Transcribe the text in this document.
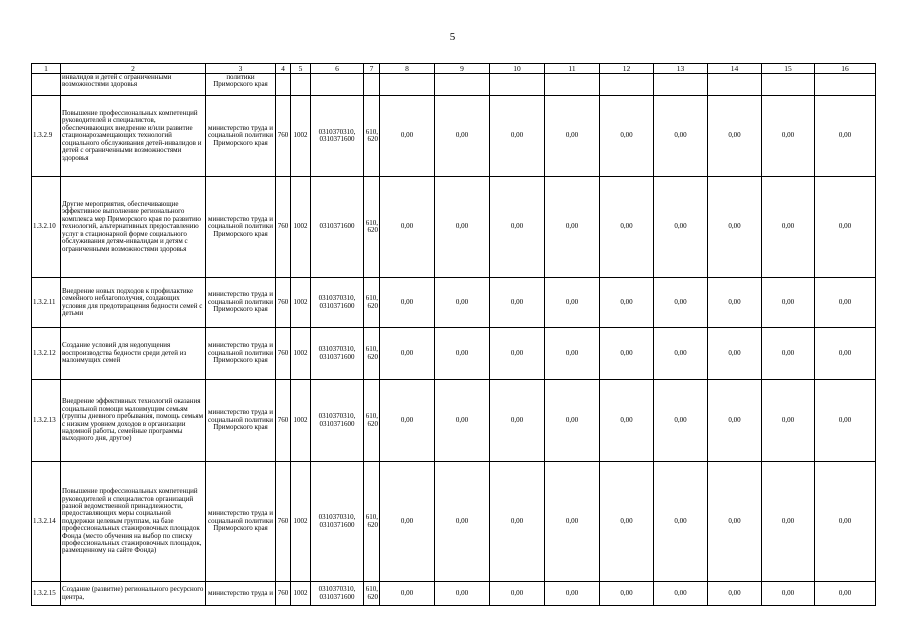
5
1	2	3	4	5	6	7	8	9	10	11	12	13	14	15	16
	инвалидов и детей с ограниченными возможностями здоровья	политики Приморского края													
1.3.2.9	Повышение профессиональных компетенций руководителей и специалистов, обеспечивающих внедрение и/или развитие стационарозамещающих технологий социального обслуживания детей-инвалидов и детей с ограниченными возможностями здоровья	министерство труда и социальной политики Приморского края	760	1002	0310370310, 0310371600	610, 620	0,00	0,00	0,00	0,00	0,00	0,00	0,00	0,00	0,00
1.3.2.10	Другие мероприятия, обеспечивающие эффективное выполнение регионального комплекса мер Приморского края по развитию технологий, альтернативных предоставлению услуг в стационарной форме социального обслуживания детям-инвалидам и детям с ограниченными возможностями здоровья	министерство труда и социальной политики Приморского края	760	1002	0310371600	610, 620	0,00	0,00	0,00	0,00	0,00	0,00	0,00	0,00	0,00
1.3.2.11	Внедрение новых подходов к профилактике семейного неблагополучия, создающих условия для предотвращения бедности семей с детьми	министерство труда и социальной политики Приморского края	760	1002	0310370310, 0310371600	610, 620	0,00	0,00	0,00	0,00	0,00	0,00	0,00	0,00	0,00
1.3.2.12	Создание условий для недопущения воспроизводства бедности среди детей из малоимущих семей	министерство труда и социальной политики Приморского края	760	1002	0310370310, 0310371600	610, 620	0,00	0,00	0,00	0,00	0,00	0,00	0,00	0,00	0,00
1.3.2.13	Внедрение эффективных технологий оказания социальной помощи малоимущим семьям (группы дневного пребывания, помощь семьям с низким уровнем доходов в организации надомной работы, семейные программы выходного дня, другое)	министерство труда и социальной политики Приморского края	760	1002	0310370310, 0310371600	610, 620	0,00	0,00	0,00	0,00	0,00	0,00	0,00	0,00	0,00
1.3.2.14	Повышение профессиональных компетенций руководителей и специалистов организаций разной ведомственной принадлежности, предоставляющих меры социальной поддержки целевым группам, на базе профессиональных стажировочных площадок Фонда (место обучения на выбор по списку профессиональных стажировочных площадок, размещенному на сайте Фонда)	министерство труда и социальной политики Приморского края	760	1002	0310370310, 0310371600	610, 620	0,00	0,00	0,00	0,00	0,00	0,00	0,00	0,00	0,00
1.3.2.15	Создание (развитие) регионального ресурсного центра,	министерство труда и	760	1002	0310370310, 0310371600	610, 620	0,00	0,00	0,00	0,00	0,00	0,00	0,00	0,00	0,00
